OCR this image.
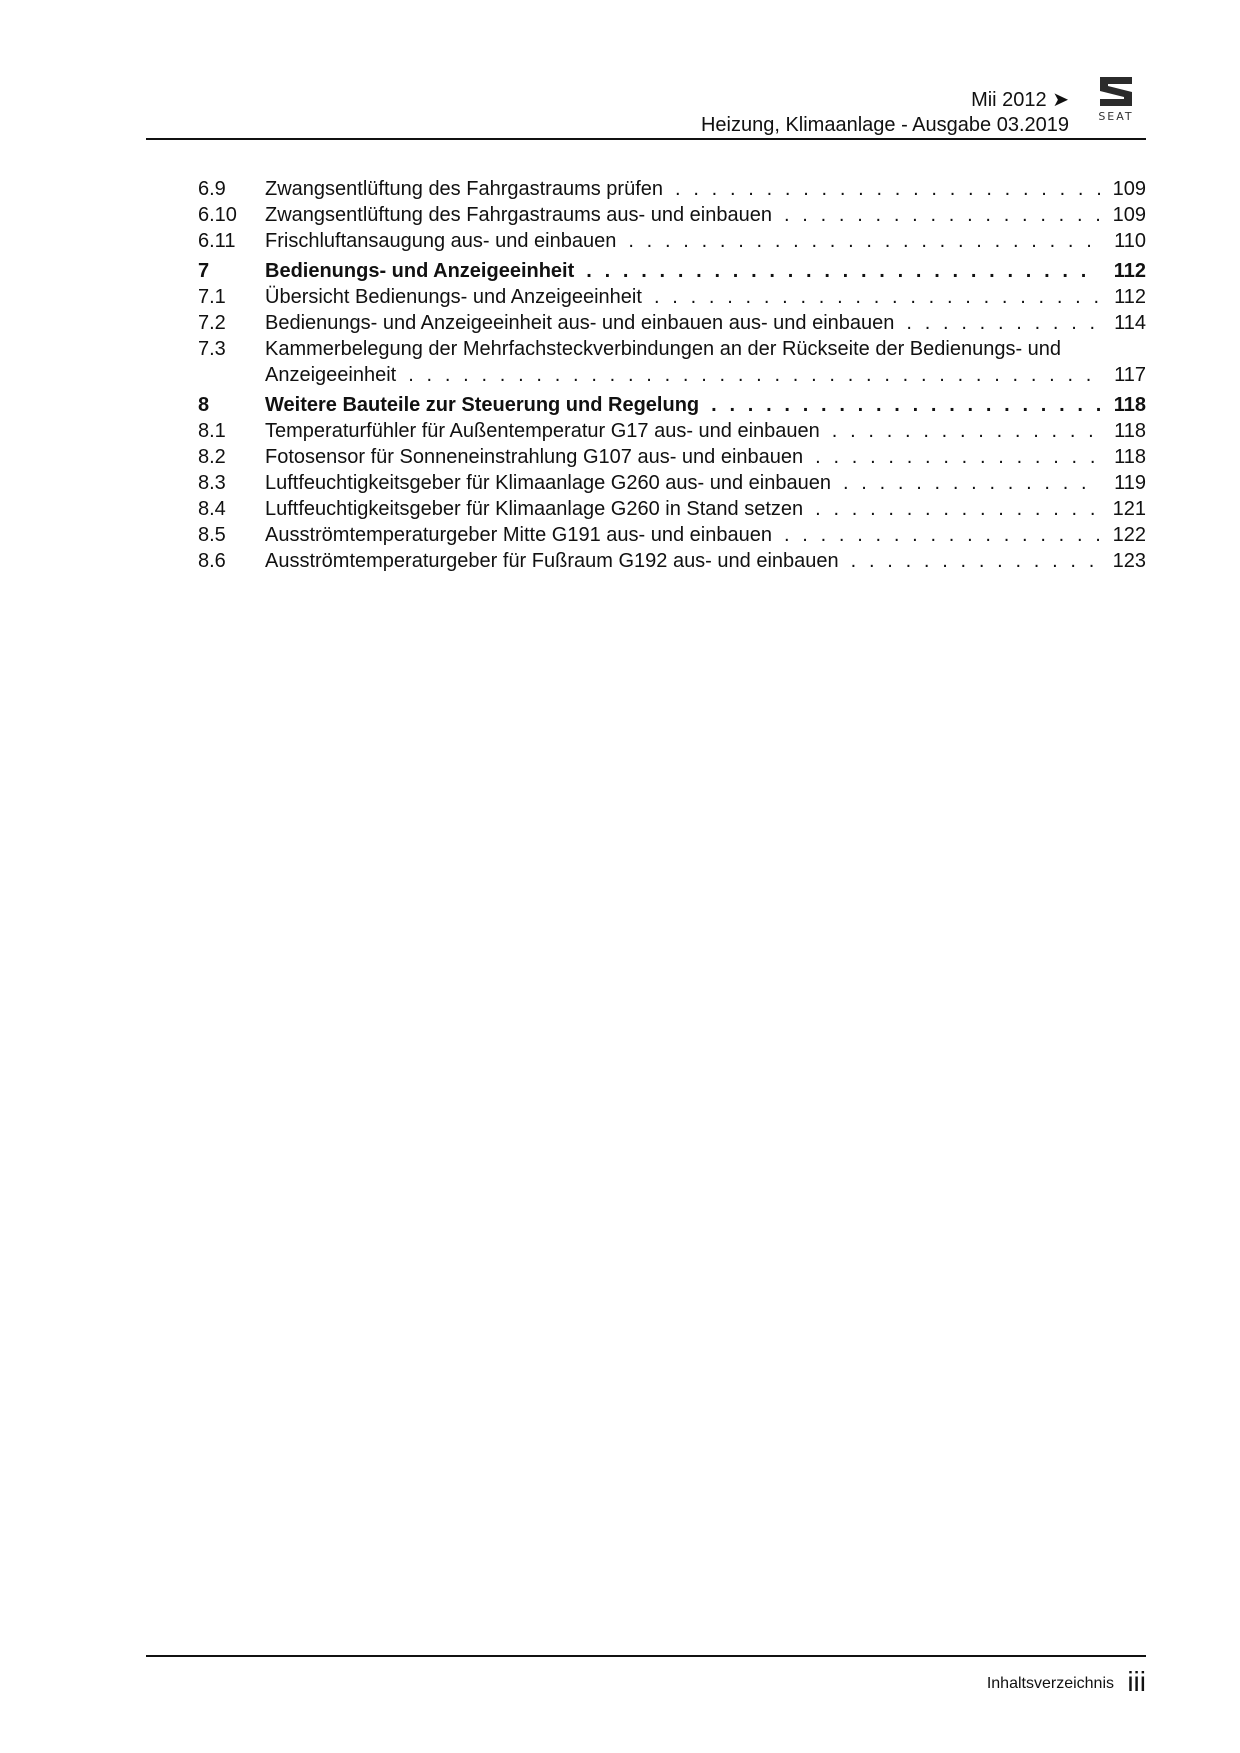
Mii 2012 ➤
Heizung, Klimaanlage - Ausgabe 03.2019	SEAT
6.9	Zwangsentlüftung des Fahrgastraums prüfen . . .	109
6.10	Zwangsentlüftung des Fahrgastraums aus- und einbauen . . .	109
6.11	Frischluftansaugung aus- und einbauen . . .	110
7	Bedienungs- und Anzeigeeinheit . . .	112
7.1	Übersicht Bedienungs- und Anzeigeeinheit . . .	112
7.2	Bedienungs- und Anzeigeeinheit aus- und einbauen aus- und einbauen . . .	114
7.3	Kammerbelegung der Mehrfachsteckverbindungen an der Rückseite der Bedienungs- und
Anzeigeeinheit . . .	117
8	Weitere Bauteile zur Steuerung und Regelung . . .	118
8.1	Temperaturfühler für Außentemperatur G17 aus- und einbauen . . .	118
8.2	Fotosensor für Sonneneinstrahlung G107 aus- und einbauen . . .	118
8.3	Luftfeuchtigkeitsgeber für Klimaanlage G260 aus- und einbauen . . .	119
8.4	Luftfeuchtigkeitsgeber für Klimaanlage G260 in Stand setzen . . .	121
8.5	Ausströmtemperaturgeber Mitte G191 aus- und einbauen . . .	122
8.6	Ausströmtemperaturgeber für Fußraum G192 aus- und einbauen . . .	123
Inhaltsverzeichnis iii
